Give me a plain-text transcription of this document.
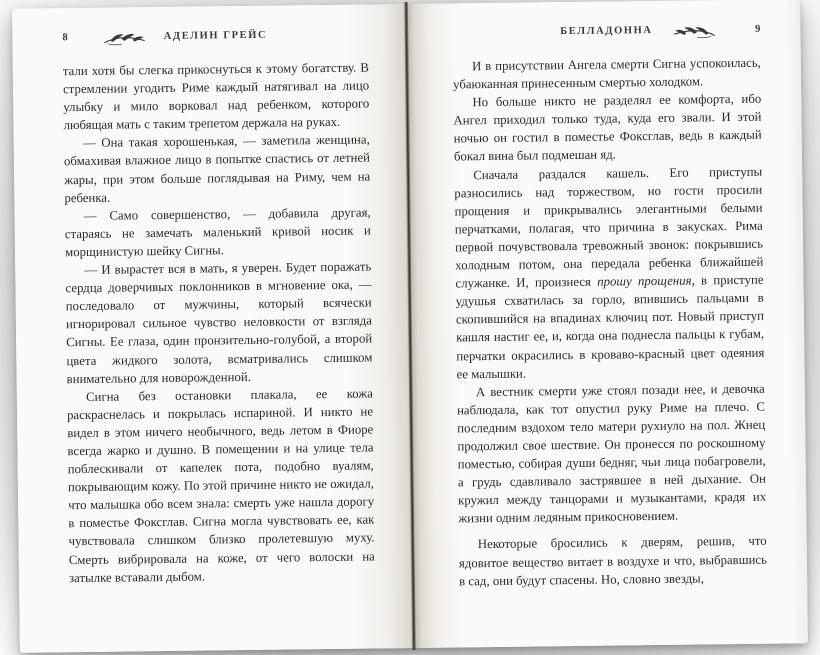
8	АДЕЛИН ГРЕЙС

тали хотя бы слегка прикоснуться к этому богатству. В стремлении угодить Риме каждый натягивал на лицо улыбку и мило ворковал над ребенком, которого любящая мать с таким трепетом держала на руках.

— Она такая хорошенькая, — заметила женщина, обмахивая влажное лицо в попытке спастись от летней жары, при этом больше поглядывая на Риму, чем на ребенка.

— Само совершенство, — добавила другая, стараясь не замечать маленький кривой носик и морщинистую шейку Сигны.

— И вырастет вся в мать, я уверен. Будет поражать сердца доверчивых поклонников в мгновение ока, — последовало от мужчины, который всячески игнорировал сильное чувство неловкости от взгляда Сигны. Ее глаза, один пронзительно-голубой, а второй цвета жидкого золота, всматривались слишком внимательно для новорожденной.

Сигна без остановки плакала, ее кожа раскраснелась и покрылась испариной. И никто не видел в этом ничего необычного, ведь летом в Фиоре всегда жарко и душно. В помещении и на улице тела поблескивали от капелек пота, подобно вуалям, покрывающим кожу. По этой причине никто не ожидал, что малышка обо всем знала: смерть уже нашла дорогу в поместье Фоксглав. Сигна могла чувствовать ее, как чувствовала слишком близко пролетевшую муху. Смерть вибрировала на коже, от чего волоски на затылке вставали дыбом.

БЕЛЛАДОННА	9

И в присутствии Ангела смерти Сигна успокоилась, убаюканная принесенным смертью холодком.

Но больше никто не разделял ее комфорта, ибо Ангел приходил только туда, куда его звали. И этой ночью он гостил в поместье Фоксглав, ведь в каждый бокал вина был подмешан яд.

Сначала раздался кашель. Его приступы разносились над торжеством, но гости просили прощения и прикрывались элегантными белыми перчатками, полагая, что причина в закусках. Рима первой почувствовала тревожный звонок: покрывшись холодным потом, она передала ребенка ближайшей служанке. И, произнеся прошу прощения, в приступе удушья схватилась за горло, впившись пальцами в скопившийся на впадинах ключиц пот. Новый приступ кашля настиг ее, и, когда она поднесла пальцы к губам, перчатки окрасились в кроваво-красный цвет одеяния ее малышки.

А вестник смерти уже стоял позади нее, и девочка наблюдала, как тот опустил руку Риме на плечо. С последним вздохом тело матери рухнуло на пол. Жнец продолжил свое шествие. Он пронесся по роскошному поместью, собирая души бедняг, чьи лица побагровели, а грудь сдавливало застрявшее в ней дыхание. Он кружил между танцорами и музыкантами, крадя их жизни одним ледяным прикосновением.

Некоторые бросились к дверям, решив, что ядовитое вещество витает в воздухе и что, выбравшись в сад, они будут спасены. Но, словно звезды,
